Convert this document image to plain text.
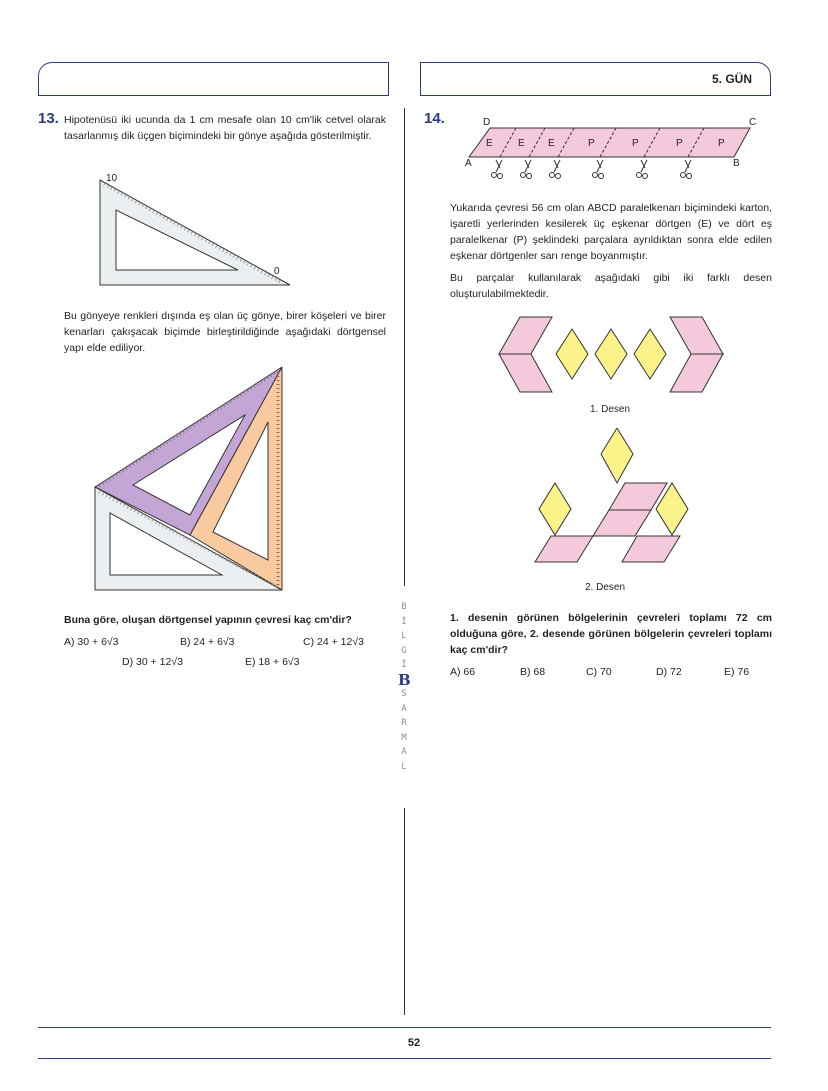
5. GÜN
13. Hipotenüsü iki ucunda da 1 cm mesafe olan 10 cm'lik cetvel olarak tasarlanmış dik üçgen biçimindeki bir gönye aşağıda gösterilmiştir.
10
0
Bu gönyeye renkleri dışında eş olan üç gönye, birer köşeleri ve birer kenarları çakışacak biçimde birleştirildiğinde aşağıdaki dörtgensel yapı elde ediliyor.
Buna göre, oluşan dörtgensel yapının çevresi kaç cm'dir?
A) 30 + 6√3	B) 24 + 6√3	C) 24 + 12√3
D) 30 + 12√3	E) 18 + 6√3
B
İ
L
G
İ
B
S
A
R
M
A
L
14.	D	C
A	B
E	E E	P	P	P	P
Yukarıda çevresi 56 cm olan ABCD paralelkenarı biçimindeki karton, işaretli yerlerinden kesilerek üç eşkenar dörtgen (E) ve dört eş paralelkenar (P) şeklindeki parçalara ayrıldıktan sonra elde edilen eşkenar dörtgenler sarı renge boyanmıştır.
Bu parçalar kullanılarak aşağıdaki gibi iki farklı desen oluşturulabilmektedir.
1. Desen
2. Desen
1. desenin görünen bölgelerinin çevreleri toplamı 72 cm olduğuna göre, 2. desende görünen bölgelerin çevreleri toplamı kaç cm'dir?
A) 66	B) 68	C) 70	D) 72	E) 76
52
